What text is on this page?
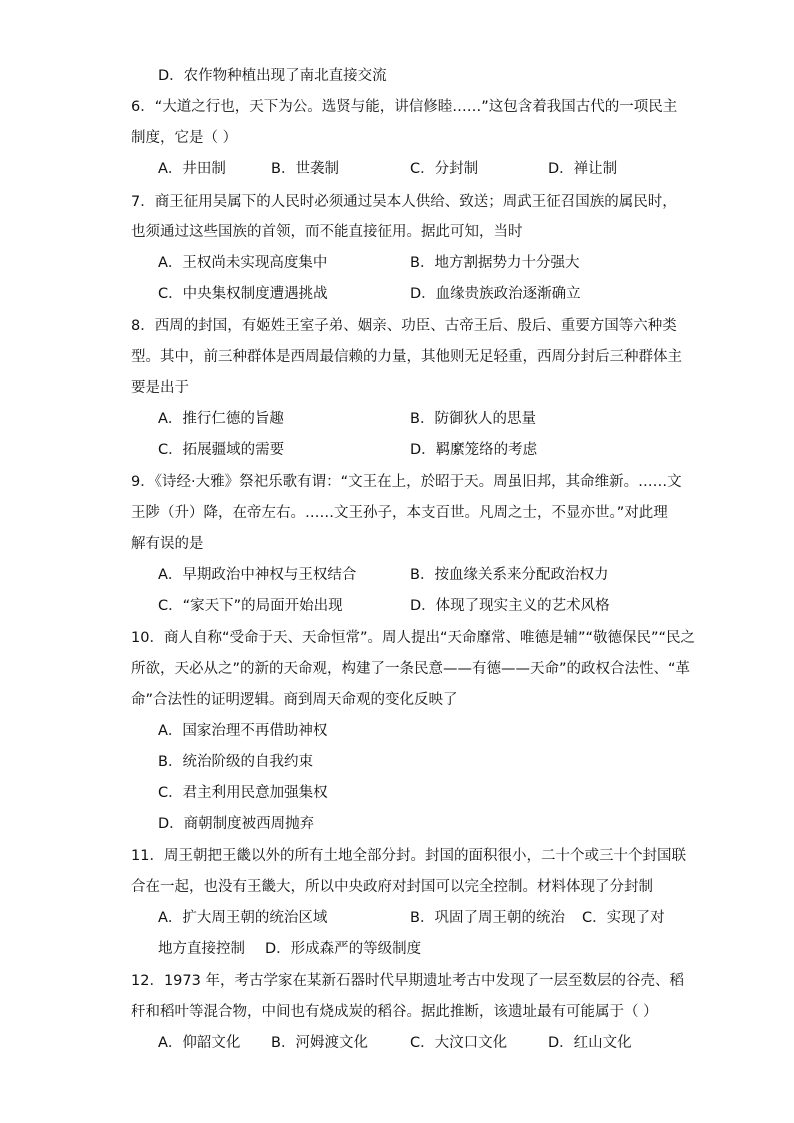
D．农作物种植出现了南北直接交流
6．“大道之行也，天下为公。选贤与能，讲信修睦……”这包含着我国古代的一项民主
制度，它是（ ）
A．井田制	B．世袭制	C．分封制	D．禅让制
7．商王征用吴属下的人民时必须通过吴本人供给、致送；周武王征召国族的属民时，
也须通过这些国族的首领，而不能直接征用。据此可知，当时
A．王权尚未实现高度集中	B．地方割据势力十分强大
C．中央集权制度遭遇挑战	D．血缘贵族政治逐渐确立
8．西周的封国，有姬姓王室子弟、姻亲、功臣、古帝王后、殷后、重要方国等六种类
型。其中，前三种群体是西周最信赖的力量，其他则无足轻重，西周分封后三种群体主
要是出于
A．推行仁德的旨趣	B．防御狄人的思量
C．拓展疆域的需要	D．羁縻笼络的考虑
9．《诗经·大雅》祭祀乐歌有谓：“文王在上，於昭于天。周虽旧邦，其命维新。……文
王陟（升）降，在帝左右。……文王孙子，本支百世。凡周之士，不显亦世。”对此理
解有误的是
A．早期政治中神权与王权结合	B．按血缘关系来分配政治权力
C．“家天下”的局面开始出现	D．体现了现实主义的艺术风格
10．商人自称“受命于天、天命恒常”。周人提出“天命靡常、唯德是辅”“敬德保民”“民之
所欲，天必从之”的新的天命观，构建了一条民意——有德——天命”的政权合法性、“革
命”合法性的证明逻辑。商到周天命观的变化反映了
A．国家治理不再借助神权
B．统治阶级的自我约束
C．君主利用民意加强集权
D．商朝制度被西周抛弃
11．周王朝把王畿以外的所有土地全部分封。封国的面积很小，二十个或三十个封国联
合在一起，也没有王畿大，所以中央政府对封国可以完全控制。材料体现了分封制
A．扩大周王朝的统治区域	B．巩固了周王朝的统治 C．实现了对
地方直接控制 D．形成森严的等级制度
12．1973 年，考古学家在某新石器时代早期遗址考古中发现了一层至数层的谷壳、稻
秆和稻叶等混合物，中间也有烧成炭的稻谷。据此推断，该遗址最有可能属于（ ）
A．仰韶文化 B．河姆渡文化	C．大汶口文化	D．红山文化
